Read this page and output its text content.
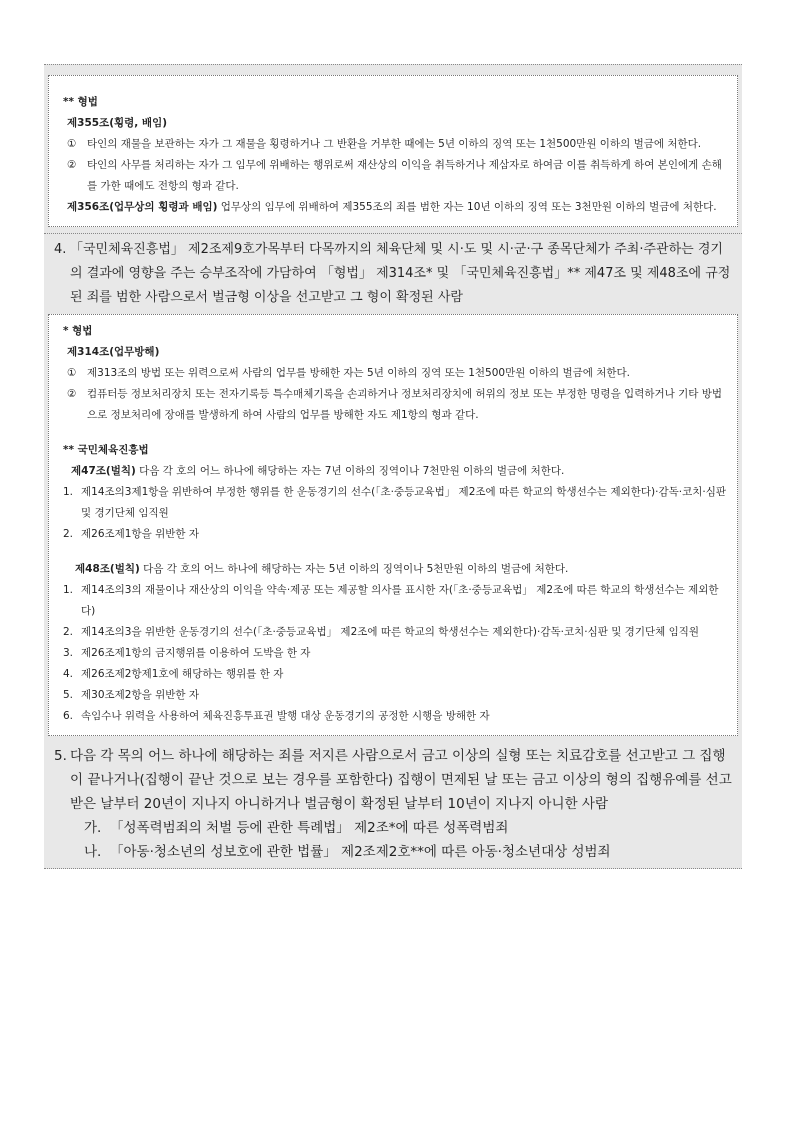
** 형법
제355조(횡령, 배임)
①	타인의 재물을 보관하는 자가 그 재물을 횡령하거나 그 반환을 거부한 때에는 5년 이하의 징역 또는 1천500만원 이하의 벌금에 처한다.
②	타인의 사무를 처리하는 자가 그 임무에 위배하는 행위로써 재산상의 이익을 취득하거나 제삼자로 하여금 이를 취득하게 하여 본인에게 손해를 가한 때에도 전항의 형과 같다.
제356조(업무상의 횡령과 배임) 업무상의 임무에 위배하여 제355조의 죄를 범한 자는 10년 이하의 징역 또는 3천만원 이하의 벌금에 처한다.
4. 「국민체육진흥법」 제2조제9호가목부터 다목까지의 체육단체 및 시·도 및 시·군·구 종목단체가 주최·주관하는 경기의 결과에 영향을 주는 승부조작에 가담하여 「형법」 제314조* 및 「국민체육진흥법」** 제47조 및 제48조에 규정된 죄를 범한 사람으로서 벌금형 이상을 선고받고 그 형이 확정된 사람
* 형법
제314조(업무방해)
①	제313조의 방법 또는 위력으로써 사람의 업무를 방해한 자는 5년 이하의 징역 또는 1천500만원 이하의 벌금에 처한다.
②	컴퓨터등 정보처리장치 또는 전자기록등 특수매체기록을 손괴하거나 정보처리장치에 허위의 정보 또는 부정한 명령을 입력하거나 기타 방법으로 정보처리에 장애를 발생하게 하여 사람의 업무를 방해한 자도 제1항의 형과 같다.
** 국민체육진흥법
제47조(벌칙) 다음 각 호의 어느 하나에 해당하는 자는 7년 이하의 징역이나 7천만원 이하의 벌금에 처한다.
1. 제14조의3제1항을 위반하여 부정한 행위를 한 운동경기의 선수(「초·중등교육법」 제2조에 따른 학교의 학생선수는 제외한다)·감독·코치·심판 및 경기단체 임직원
2. 제26조제1항을 위반한 자
제48조(벌칙) 다음 각 호의 어느 하나에 해당하는 자는 5년 이하의 징역이나 5천만원 이하의 벌금에 처한다.
1. 제14조의3의 재물이나 재산상의 이익을 약속·제공 또는 제공할 의사를 표시한 자(「초·중등교육법」 제2조에 따른 학교의 학생선수는 제외한다)
2. 제14조의3을 위반한 운동경기의 선수(「초·중등교육법」 제2조에 따른 학교의 학생선수는 제외한다)·감독·코치·심판 및 경기단체 임직원
3. 제26조제1항의 금지행위를 이용하여 도박을 한 자
4. 제26조제2항제1호에 해당하는 행위를 한 자
5. 제30조제2항을 위반한 자
6. 속임수나 위력을 사용하여 체육진흥투표권 발행 대상 운동경기의 공정한 시행을 방해한 자
5. 다음 각 목의 어느 하나에 해당하는 죄를 저지른 사람으로서 금고 이상의 실형 또는 치료감호를 선고받고 그 집행이 끝나거나(집행이 끝난 것으로 보는 경우를 포함한다) 집행이 면제된 날 또는 금고 이상의 형의 집행유예를 선고받은 날부터 20년이 지나지 아니하거나 벌금형이 확정된 날부터 10년이 지나지 아니한 사람
가. 「성폭력범죄의 처벌 등에 관한 특례법」 제2조*에 따른 성폭력범죄
나. 「아동·청소년의 성보호에 관한 법률」 제2조제2호**에 따른 아동·청소년대상 성범죄
